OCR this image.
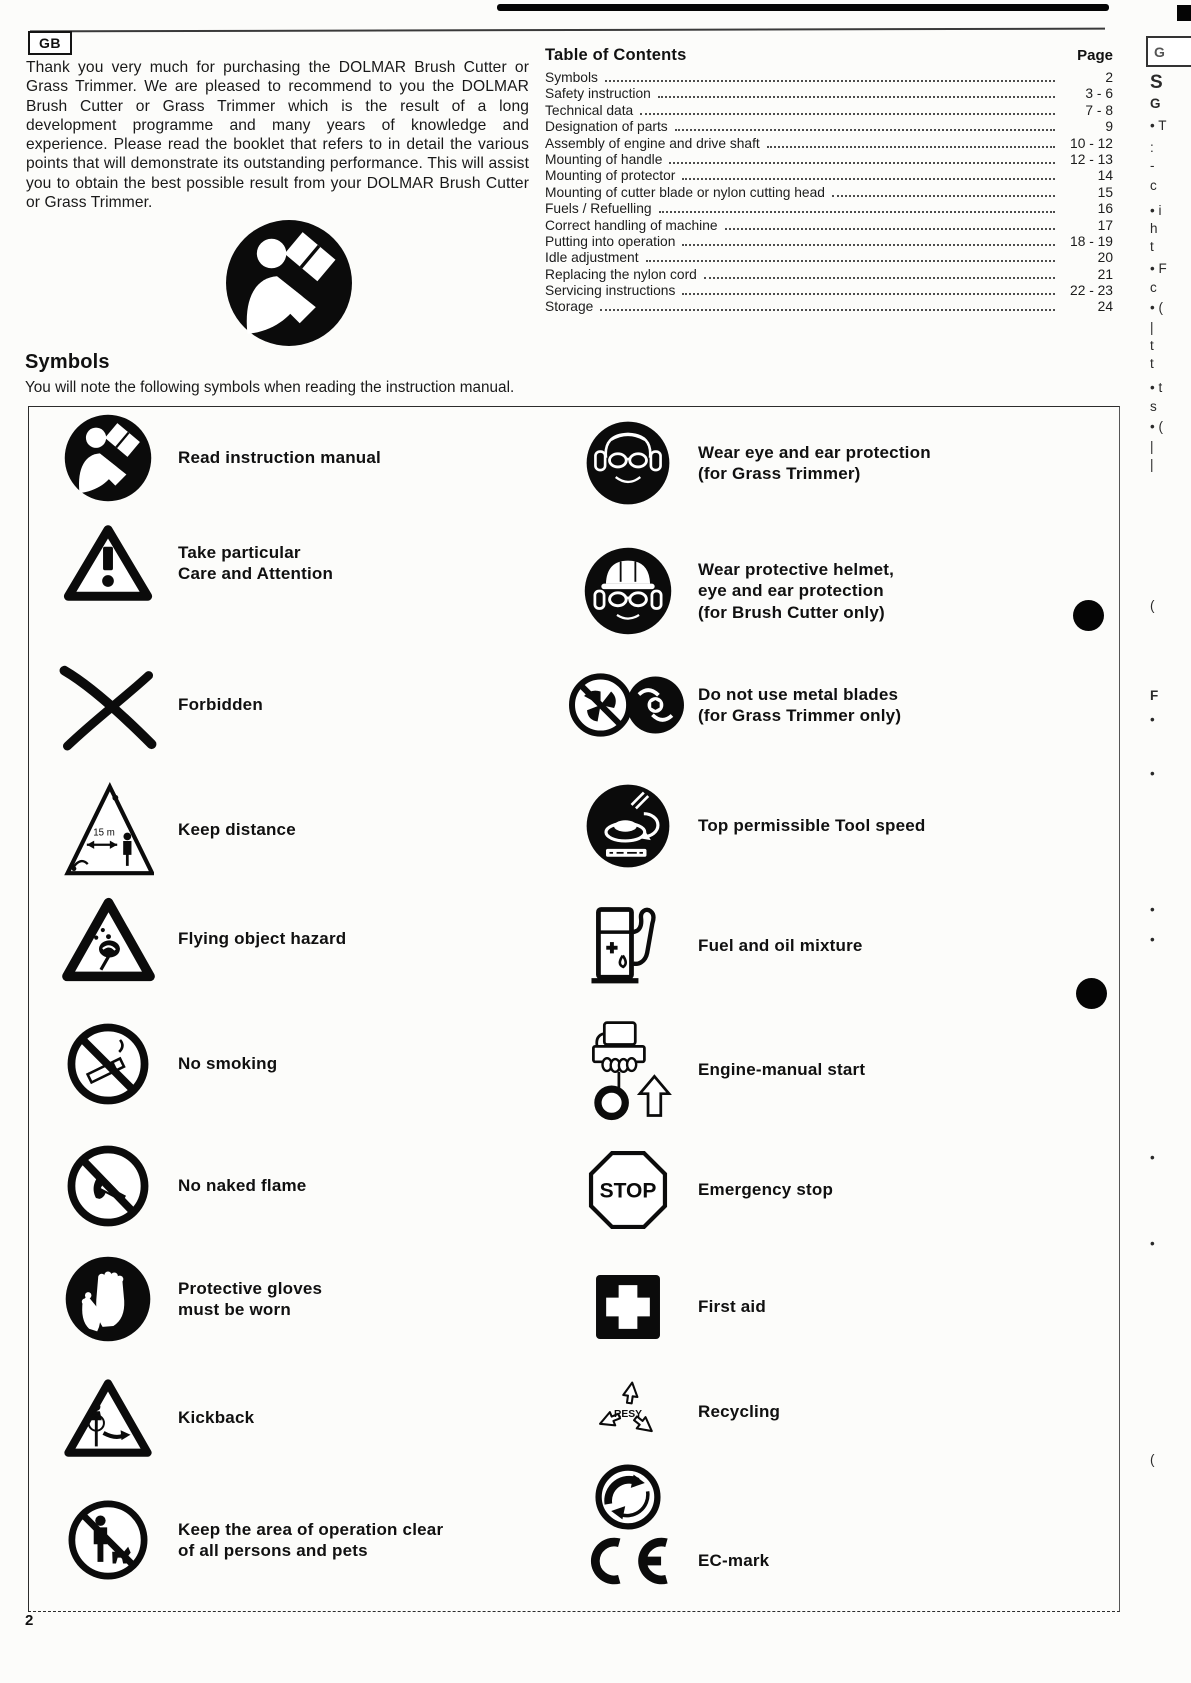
GB
Thank you very much for purchasing the DOLMAR Brush Cutter or Grass Trimmer. We are pleased to recommend to you the DOLMAR Brush Cutter or Grass Trimmer which is the result of a long development programme and many years of knowledge and experience. Please read the booklet that refers to in detail the various points that will demonstrate its outstanding performance. This will assist you to obtain the best possible result from your DOLMAR Brush Cutter or Grass Trimmer.
Table of Contents	Page
Symbols	2
Safety instruction	3 - 6
Technical data	7 - 8
Designation of parts	9
Assembly of engine and drive shaft	10 - 12
Mounting of handle	12 - 13
Mounting of protector	14
Mounting of cutter blade or nylon cutting head	15
Fuels / Refuelling	16
Correct handling of machine	17
Putting into operation	18 - 19
Idle adjustment	20
Replacing the nylon cord	21
Servicing instructions	22 - 23
Storage	24
Symbols
You will note the following symbols when reading the instruction manual.
Read instruction manual
Take particular
Care and Attention
Forbidden
15 m	Keep distance
Flying object hazard
No smoking
No naked flame
Protective gloves
must be worn
Kickback
Keep the area of operation clear
of all persons and pets
Wear eye and ear protection
(for Grass Trimmer)
Wear protective helmet,
eye and ear protection
(for Brush Cutter only)
Do not use metal blades
(for Grass Trimmer only)
Top permissible Tool speed
Fuel and oil mixture
Engine-manual start
STOP Emergency stop
First aid
RESY	Recycling
EC-mark
G
S
G
• T
:
-
c
• i
h
t
• F
c
• (
|
t
t
• t
s
• (
|
|
(
F
•
•
•
•
•
•
(
2
